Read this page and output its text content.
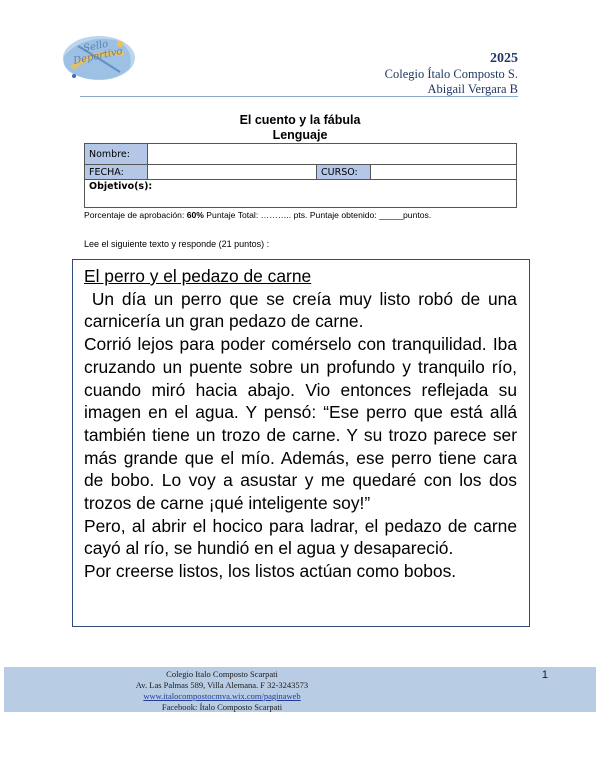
Sello Deportivo	2025
Colegio Ítalo Composto S.
Abigail Vergara B
El cuento y la fábula
Lenguaje
Nombre:			
FECHA:		CURSO:	
Objetivo(s):			
Porcentaje de aprobación: 60% Puntaje Total: ……….. pts. Puntaje obtenido: _____puntos.
Lee el siguiente texto y responde (21 puntos) :

El perro y el pedazo de carne

Un día un perro que se creía muy listo robó de una carnicería un gran pedazo de carne.

Corrió lejos para poder comérselo con tranquilidad. Iba cruzando un puente sobre un profundo y tranquilo río, cuando miró hacia abajo. Vio entonces reflejada su imagen en el agua. Y pensó: “Ese perro que está allá también tiene un trozo de carne. Y su trozo parece ser más grande que el mío. Además, ese perro tiene cara de bobo. Lo voy a asustar y me quedaré con los dos trozos de carne ¡qué inteligente soy!”

Pero, al abrir el hocico para ladrar, el pedazo de carne cayó al río, se hundió en el agua y desapareció.

Por creerse listos, los listos actúan como bobos.

Colegio Italo Composto Scarpati
Av. Las Palmas 589, Villa Alemana. F 32-3243573
www.italocompostocmva.wix.com/paginaweb
Facebook: Ítalo Composto Scarpati
1
